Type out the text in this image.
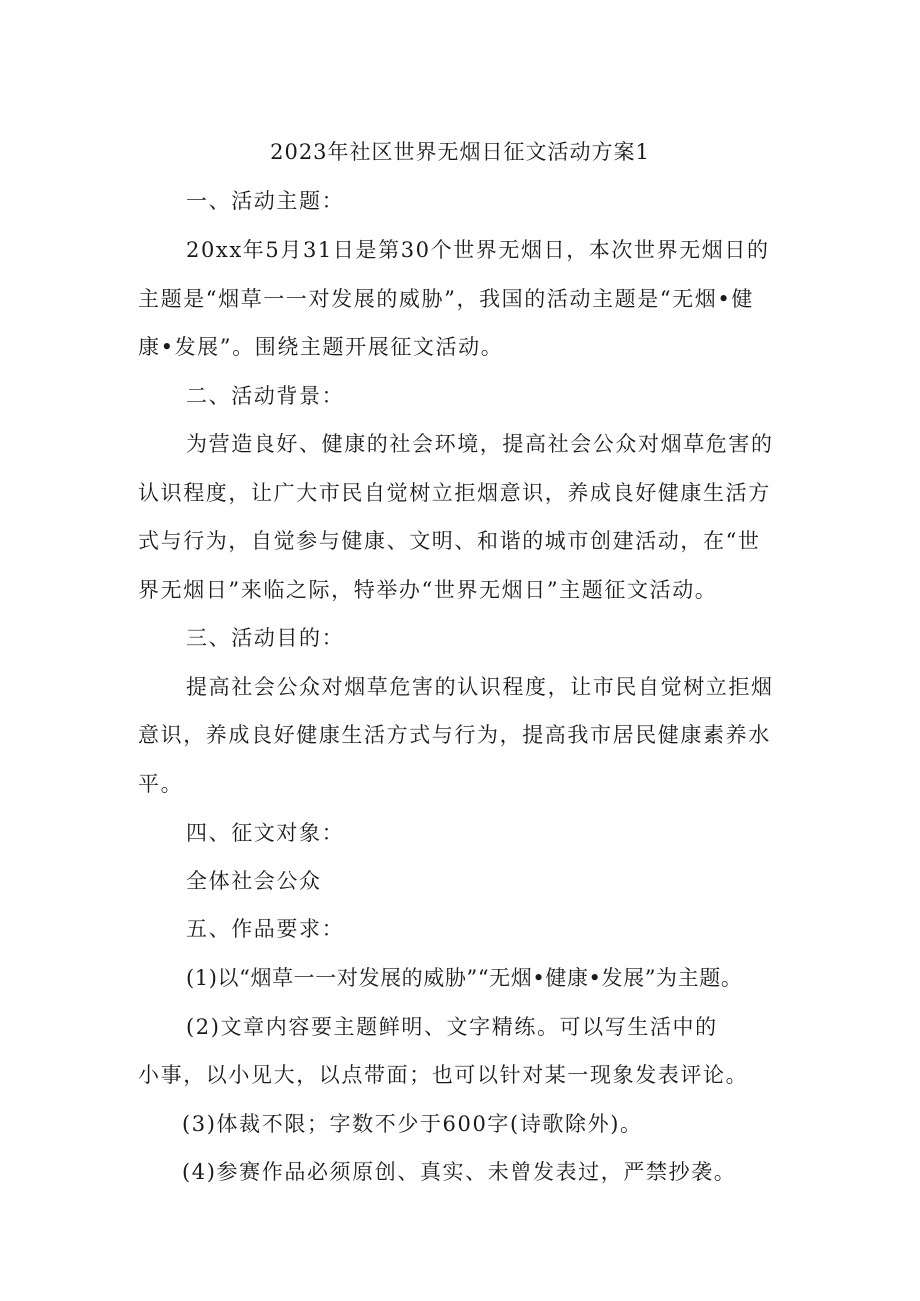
2023年社区世界无烟日征文活动方案1
一、活动主题：
20xx年5月31日是第30个世界无烟日，本次世界无烟日的
主题是“烟草一一对发展的威胁”，我国的活动主题是“无烟•健
康•发展”。围绕主题开展征文活动。
二、活动背景：
为营造良好、健康的社会环境，提高社会公众对烟草危害的
认识程度，让广大市民自觉树立拒烟意识，养成良好健康生活方
式与行为，自觉参与健康、文明、和谐的城市创建活动，在“世
界无烟日”来临之际，特举办“世界无烟日”主题征文活动。
三、活动目的：
提高社会公众对烟草危害的认识程度，让市民自觉树立拒烟
意识，养成良好健康生活方式与行为，提高我市居民健康素养水
平。
四、征文对象：
全体社会公众
五、作品要求：
(1)以“烟草一一对发展的威胁”“无烟•健康•发展”为主题。
(2)文章内容要主题鲜明、文字精练。可以写生活中的
小事，以小见大，以点带面；也可以针对某一现象发表评论。
(3)体裁不限；字数不少于600字(诗歌除外)。
(4)参赛作品必须原创、真实、未曾发表过，严禁抄袭。
